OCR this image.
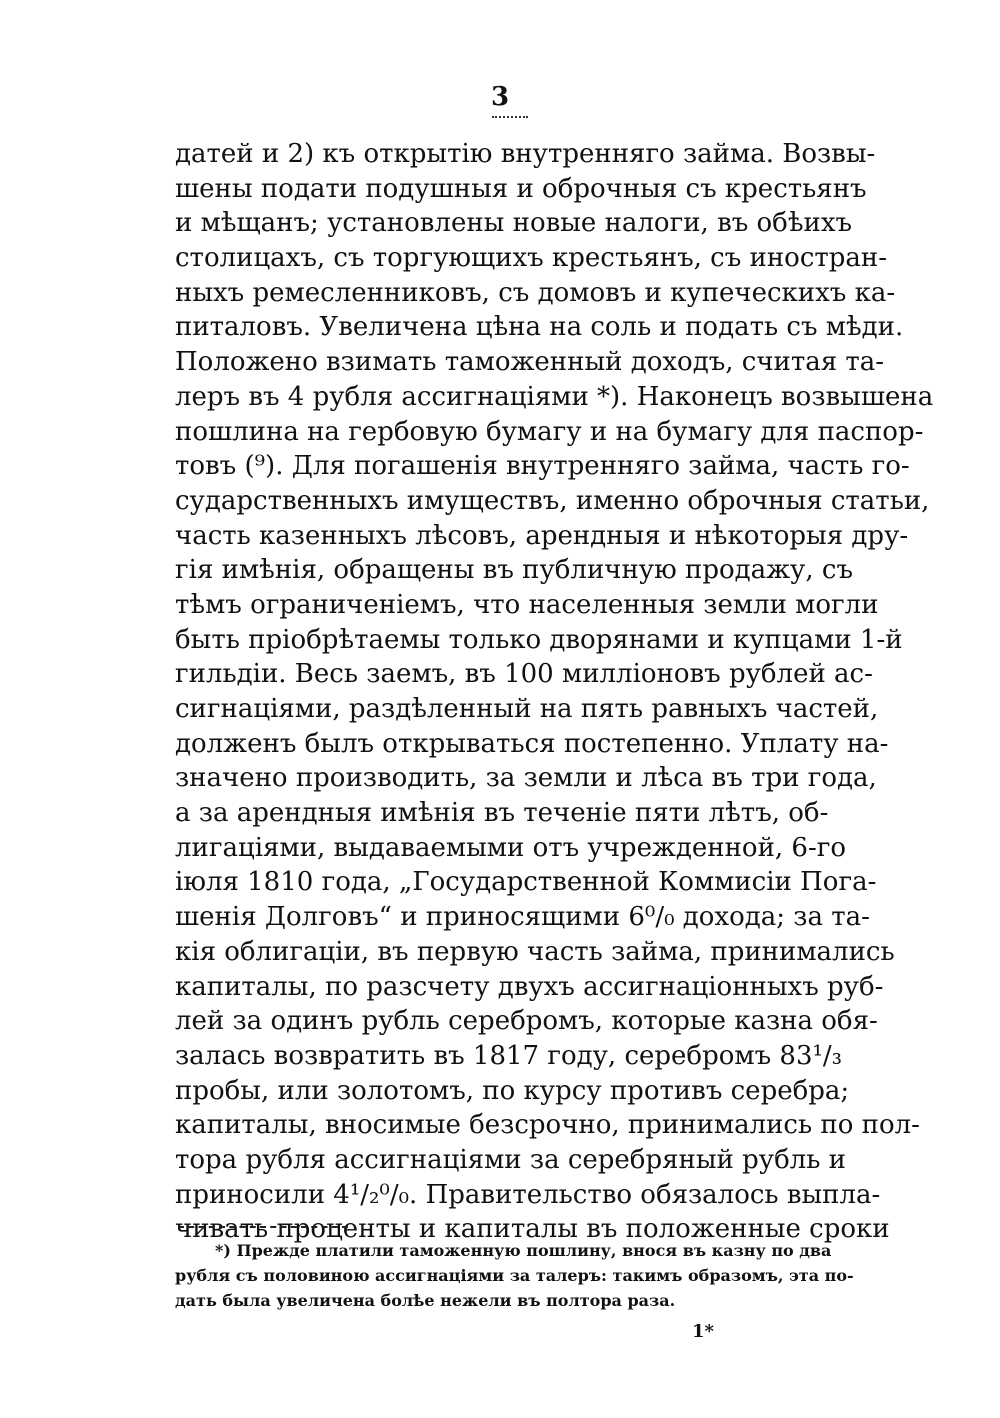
3
датей и 2) къ открытію внутренняго займа. Возвы-
шены подати подушныя и оброчныя съ крестьянъ
и мѣщанъ; установлены новые налоги, въ обѣихъ
столицахъ, съ торгующихъ крестьянъ, съ иностран-
ныхъ ремесленниковъ, съ домовъ и купеческихъ ка-
питаловъ. Увеличена цѣна на соль и подать съ мѣди.
Положено взимать таможенный доходъ, считая та-
леръ въ 4 рубля ассигнаціями *). Наконецъ возвышена
пошлина на гербовую бумагу и на бумагу для паспор-
товъ (⁹). Для погашенія внутренняго займа, часть го-
сударственныхъ имуществъ, именно оброчныя статьи,
часть казенныхъ лѣсовъ, арендныя и нѣкоторыя дру-
гія имѣнія, обращены въ публичную продажу, съ
тѣмъ ограниченіемъ, что населенныя земли могли
быть пріобрѣтаемы только дворянами и купцами 1-й
гильдіи. Весь заемъ, въ 100 милліоновъ рублей ас-
сигнаціями, раздѣленный на пять равныхъ частей,
долженъ былъ открываться постепенно. Уплату на-
значено производить, за земли и лѣса въ три года,
а за арендныя имѣнія въ теченіе пяти лѣтъ, об-
лигаціями, выдаваемыми отъ учрежденной, 6-го
іюля 1810 года, „Государственной Коммисіи Пога-
шенія Долговъ“ и приносящими 6⁰/₀ дохода; за та-
кія облигаціи, въ первую часть займа, принимались
капиталы, по разсчету двухъ ассигнаціонныхъ руб-
лей за одинъ рубль серебромъ, которые казна обя-
залась возвратить въ 1817 году, серебромъ 83¹/₃
пробы, или золотомъ, по курсу противъ серебра;
капиталы, вносимые безсрочно, принимались по пол-
тора рубля ассигнаціями за серебряный рубль и
приносили 4¹/₂⁰/₀. Правительство обязалось выпла-
чивать проценты и капиталы въ положенные сроки
*) Прежде платили таможенную пошлину, внося въ казну по два
рубля съ половиною ассигнаціями за талеръ: такимъ образомъ, эта по-
дать была увеличена болѣе нежели въ полтора раза.
1*
